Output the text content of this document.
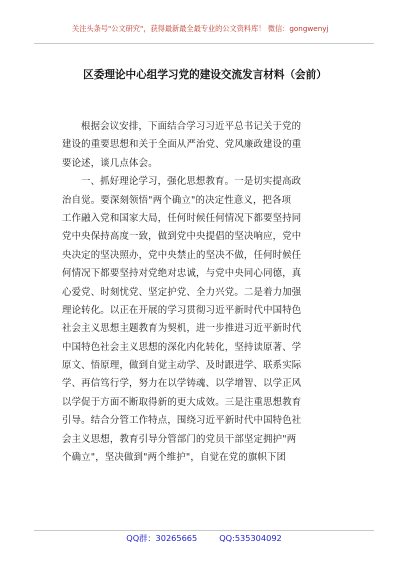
关注头条号"公文研究"，获得最新最全最专业的公文资料库！ 微信：gongwenyj
区委理论中心组学习党的建设交流发言材料（会前）
根据会议安排，下面结合学习习近平总书记关于党的
建设的重要思想和关于全面从严治党、党风廉政建设的重
要论述，谈几点体会。
一、抓好理论学习，强化思想教育。一是切实提高政
治自觉。要深刻领悟"两个确立"的决定性意义，把各项
工作融入党和国家大局，任何时候任何情况下都要坚持同
党中央保持高度一致，做到党中央提倡的坚决响应，党中
央决定的坚决照办，党中央禁止的坚决不做，任何时候任
何情况下都要坚持对党绝对忠诚，与党中央同心同德，真
心爱党、时刻忧党、坚定护党、全力兴党。二是着力加强
理论转化。以正在开展的学习贯彻习近平新时代中国特色
社会主义思想主题教育为契机，进一步推进习近平新时代
中国特色社会主义思想的深化内化转化，坚持读原著、学
原文、悟原理，做到自觉主动学、及时跟进学、联系实际
学、再信笃行学，努力在以学铸魂、以学增智、以学正风
以学促于方面不断取得新的更大成效。三是注重思想教育
引导。结合分管工作特点，围绕习近平新时代中国特色社
会主义思想，教育引导分管部门的党员干部坚定拥护"两
个确立"，坚决做到"两个维护"，自觉在党的旗帜下团
QQ群：30265665	QQ:535304092
